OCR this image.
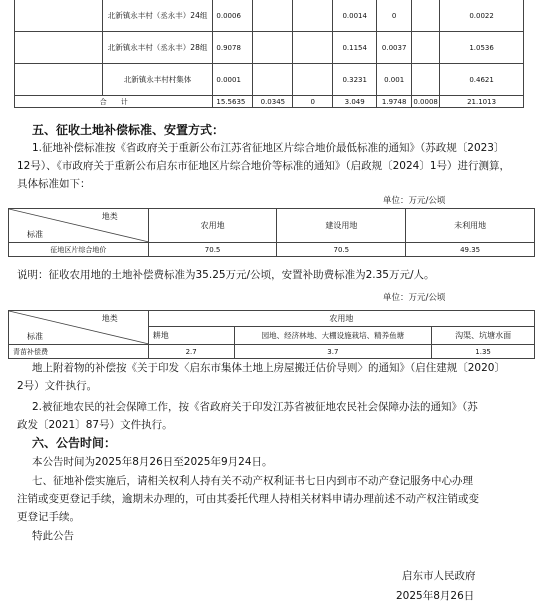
	北新镇永丰村（丞永丰）24组	0.0006			0.0014	0		0.0022
	北新镇永丰村（丞永丰）28组	0.9078			0.1154	0.0037		1.0536
	北新镇永丰村村集体	0.0001			0.3231	0.001		0.4621
合　　计		15.5635	0.0345	0	3.049	1.9748	0.0008	21.1013
五、征收土地补偿标准、安置方式：
1.征地补偿标准按《省政府关于重新公布江苏省征地区片综合地价最低标准的通知》（苏政规〔2023〕
12号）、《市政府关于重新公布启东市征地区片综合地价等标准的通知》（启政规〔2024〕1号）进行测算，
具体标准如下：
单位：万元/公顷
地类
标准	农用地	建设用地	未利用地
征地区片综合地价	70.5	70.5	49.35
说明：征收农用地的土地补偿费标准为35.25万元/公顷，安置补助费标准为2.35万元/人。
单位：万元/公顷
地类
标准	农用地		
	耕地	园地、经济林地、大棚设施栽培、精养鱼塘	沟渠、坑塘水面
青苗补偿费	2.7	3.7	1.35
地上附着物的补偿按《关于印发〈启东市集体土地上房屋搬迁估价导则〉的通知》（启住建规〔2020〕
2号）文件执行。
2.被征地农民的社会保障工作，按《省政府关于印发江苏省被征地农民社会保障办法的通知》（苏
政发〔2021〕87号）文件执行。
六、公告时间：
本公告时间为2025年8月26日至2025年9月24日。
七、征地补偿实施后，请相关权利人持有关不动产权利证书七日内到市不动产登记服务中心办理
注销或变更登记手续，逾期未办理的，可由其委托代理人持相关材料申请办理前述不动产权注销或变
更登记手续。
特此公告
启东市人民政府
2025年8月26日
